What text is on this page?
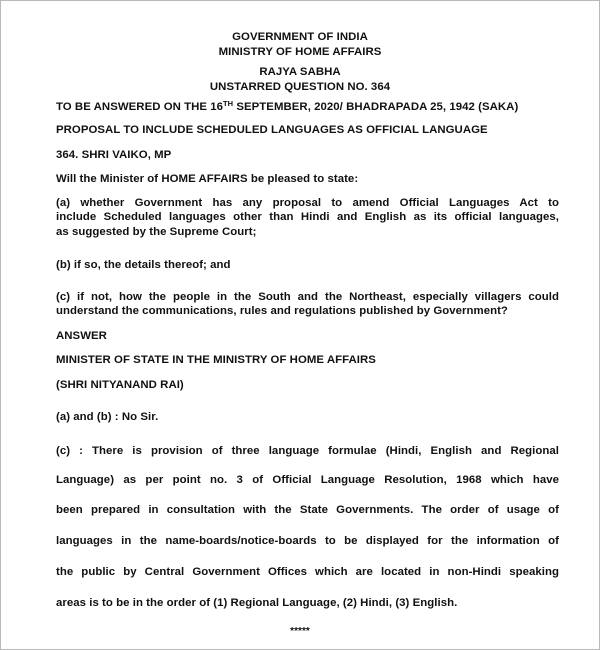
GOVERNMENT OF INDIA
MINISTRY OF HOME AFFAIRS
RAJYA SABHA
UNSTARRED QUESTION NO. 364
TO BE ANSWERED ON THE 16TH SEPTEMBER, 2020/ BHADRAPADA 25, 1942 (SAKA)
PROPOSAL TO INCLUDE SCHEDULED LANGUAGES AS OFFICIAL LANGUAGE
364. SHRI VAIKO, MP
Will the Minister of HOME AFFAIRS be pleased to state:
(a) whether Government has any proposal to amend Official Languages Act to
include Scheduled languages other than Hindi and English as its official languages,
as suggested by the Supreme Court;
(b) if so, the details thereof; and
(c) if not, how the people in the South and the Northeast, especially villagers could
understand the communications, rules and regulations published by Government?
ANSWER
MINISTER OF STATE IN THE MINISTRY OF HOME AFFAIRS
(SHRI NITYANAND RAI)
(a) and (b) : No Sir.
(c) : There is provision of three language formulae (Hindi, English and Regional
Language) as per point no. 3 of Official Language Resolution, 1968 which have
been prepared in consultation with the State Governments. The order of usage of
languages in the name-boards/notice-boards to be displayed for the information of
the public by Central Government Offices which are located in non-Hindi speaking
areas is to be in the order of (1) Regional Language, (2) Hindi, (3) English.
*****
